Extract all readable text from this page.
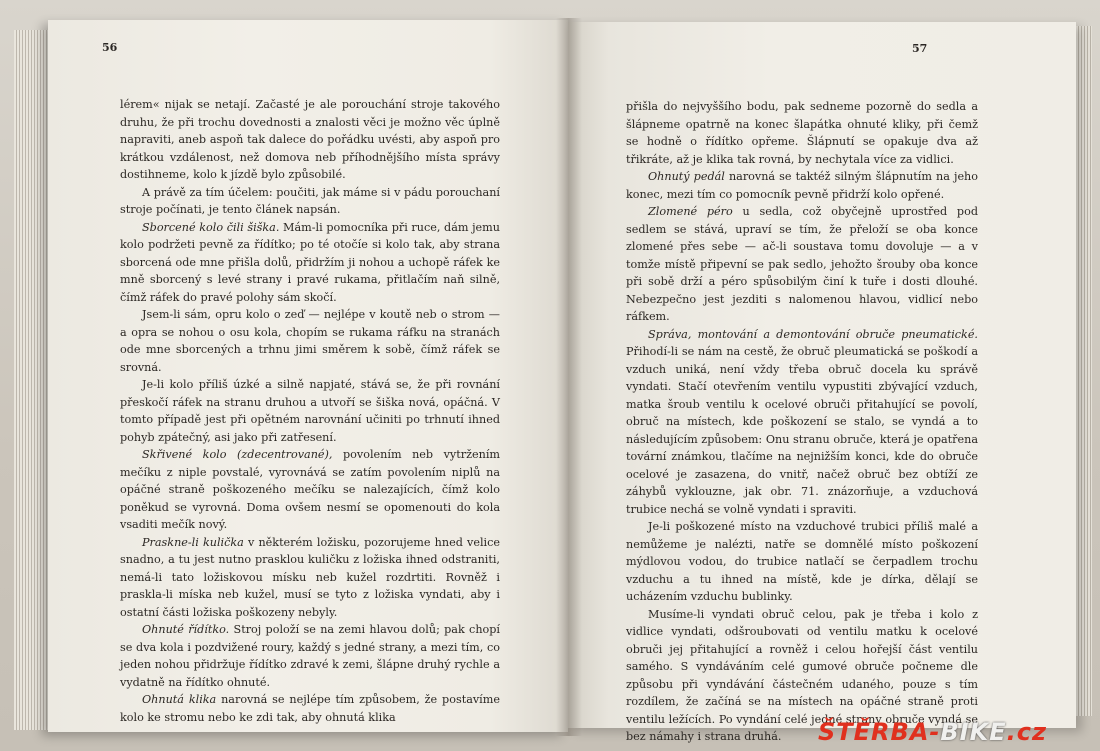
56	57

lérem« nijak se netají. Začasté je ale porouchání stroje takového druhu, že při trochu dovednosti a znalosti věci je možno věc úplně napraviti, aneb aspoň tak dalece do pořádku uvésti, aby aspoň pro krátkou vzdálenost, než domova neb příhodnějšího místa správy dostihneme, kolo k jízdě bylo způsobilé.

A právě za tím účelem: poučiti, jak máme si v pádu porouchaní stroje počínati, je tento článek napsán.

Sborcené kolo čili šiška. Mám-li pomocníka při ruce, dám jemu kolo podržeti pevně za řídítko; po té otočíe si kolo tak, aby strana sborcená ode mne přišla dolů, přidržím ji nohou a uchopě ráfek ke mně sborcený s levé strany i pravé rukama, přitlačím naň silně, čímž ráfek do pravé polohy sám skočí.

Jsem-li sám, opru kolo o zeď — nejlépe v koutě neb o strom — a opra se nohou o osu kola, chopím se rukama ráfku na stranách ode mne sborcených a trhnu jimi směrem k sobě, čímž ráfek se srovná.

Je-li kolo příliš úzké a silně napjaté, stává se, že při rovnání přeskočí ráfek na stranu druhou a utvoří se šiška nová, opáčná. V tomto případě jest při opětném narovnání učiniti po trhnutí ihned pohyb zpátečný, asi jako při zatřesení.

Skřivené kolo (zdecentrované), povolením neb vytržením mečíku z niple povstalé, vyrovnává se zatím povolením niplů na opáčné straně poškozeného mečíku se nalezajících, čímž kolo poněkud se vyrovná. Doma ovšem nesmí se opomenouti do kola vsaditi mečík nový.

Praskne-li kulička v některém ložisku, pozorujeme hned velice snadno, a tu jest nutno prasklou kuličku z ložiska ihned odstraniti, nemá-li tato ložiskovou mísku neb kužel rozdrtiti. Rovněž i praskla-li míska neb kužel, musí se tyto z ložiska vyndati, aby i ostatní části ložiska poškozeny nebyly.

Ohnuté řídítko. Stroj položí se na zemi hlavou dolů; pak chopí se dva kola i pozdvižené roury, každý s jedné strany, a mezi tím, co jeden nohou přidržuje řídítko zdravé k zemi, šlápne druhý rychle a vydatně na řídítko ohnuté.

Ohnutá klika narovná se nejlépe tím způsobem, že postavíme kolo ke stromu nebo ke zdi tak, aby ohnutá klika

přišla do nejvyššího bodu, pak sedneme pozorně do sedla a šlápneme opatrně na konec šlapátka ohnuté kliky, při čemž se hodně o řídítko opřeme. Šlápnutí se opakuje dva až třikráte, až je klika tak rovná, by nechytala více za vidlici.

Ohnutý pedál narovná se taktéž silným šlápnutím na jeho konec, mezi tím co pomocník pevně přidrží kolo opřené.

Zlomené péro u sedla, což obyčejně uprostřed pod sedlem se stává, upraví se tím, že přeloží se oba konce zlomené přes sebe — ač-li soustava tomu dovoluje — a v tomže místě připevní se pak sedlo, jehožto šrouby oba konce při sobě drží a péro spůsobilým činí k tuře i dosti dlouhé. Nebezpečno jest jezditi s nalomenou hlavou, vidlicí nebo ráfkem.

Správa, montování a demontování obruče pneumatické. Přihodí-li se nám na cestě, že obruč pleumatická se poškodí a vzduch uniká, není vždy třeba obruč docela ku správě vyndati. Stačí otevřením ventilu vypustiti zbývající vzduch, matka šroub ventilu k ocelové obruči přitahující se povolí, obruč na místech, kde poškození se stalo, se vyndá a to následujícím způsobem: Onu stranu obruče, která je opatřena tovární známkou, tlačíme na nejnižším konci, kde do obruče ocelové je zasazena, do vnitř, načež obruč bez obtíží ze záhybů vyklouzne, jak obr. 71. znázorňuje, a vzduchová trubice nechá se volně vyndati i spraviti.

Je-li poškozené místo na vzduchové trubici příliš malé a nemůžeme je nalézti, natře se domnělé místo poškození mýdlovou vodou, do trubice natlačí se čerpadlem trochu vzduchu a tu ihned na místě, kde je dírka, dělají se ucházením vzduchu bublinky.

Musíme-li vyndati obruč celou, pak je třeba i kolo z vidlice vyndati, odšroubovati od ventilu matku k ocelové obruči jej přitahující a rovněž i celou hořejší část ventilu samého. S vyndáváním celé gumové obruče počneme dle způsobu při vyndávání částečném udaného, pouze s tím rozdílem, že začíná se na místech na opáčné straně proti ventilu ležících. Po vyndání celé jedné strany obruče vyndá se bez námahy i strana druhá.	ŠTĚRBA-BIKE.cz
